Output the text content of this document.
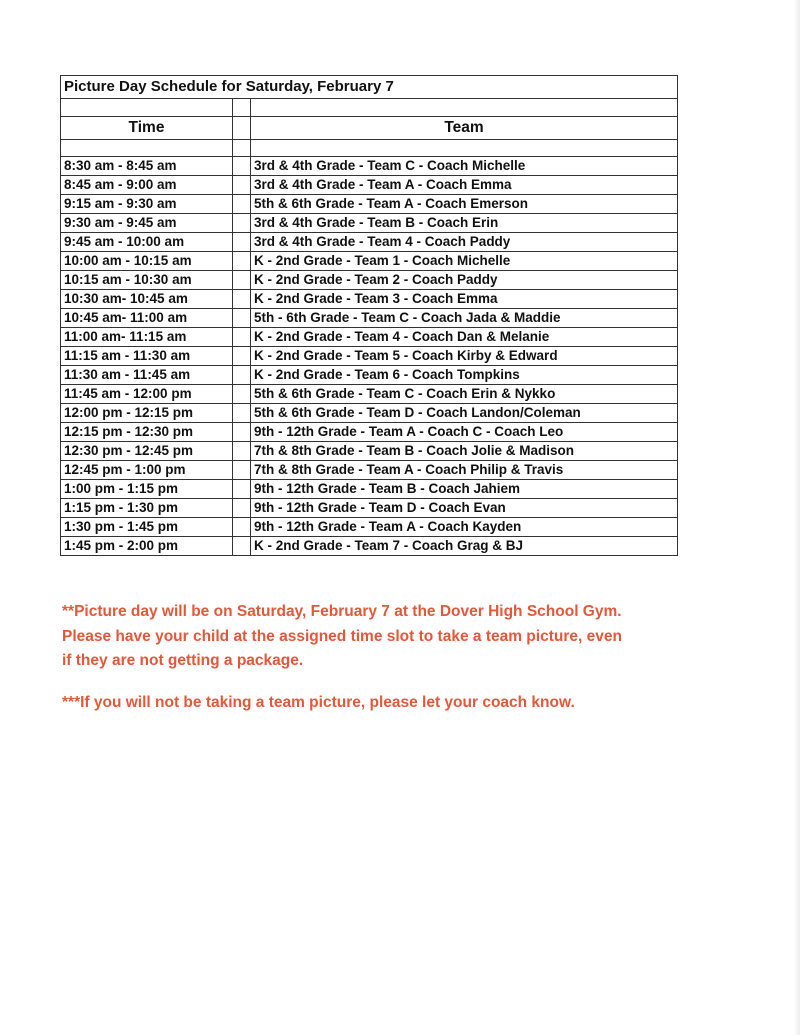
Picture Day Schedule for Saturday, February 7		

Time		Team

8:30 am - 8:45 am		3rd & 4th Grade - Team C - Coach Michelle
8:45 am - 9:00 am		3rd & 4th Grade - Team A - Coach Emma
9:15 am - 9:30 am		5th & 6th Grade - Team A - Coach Emerson
9:30 am - 9:45 am		3rd & 4th Grade - Team B - Coach Erin
9:45 am - 10:00 am		3rd & 4th Grade - Team 4 - Coach Paddy
10:00 am - 10:15 am		K - 2nd Grade - Team 1 - Coach Michelle
10:15 am - 10:30 am		K - 2nd Grade - Team 2 - Coach Paddy
10:30 am- 10:45 am		K - 2nd Grade - Team 3 - Coach Emma
10:45 am- 11:00 am		5th - 6th Grade - Team C - Coach Jada & Maddie
11:00 am- 11:15 am		K - 2nd Grade - Team 4 - Coach Dan & Melanie
11:15 am - 11:30 am		K - 2nd Grade - Team 5 - Coach Kirby & Edward
11:30 am - 11:45 am		K - 2nd Grade - Team 6 - Coach Tompkins
11:45 am - 12:00 pm		5th & 6th Grade - Team C - Coach Erin & Nykko
12:00 pm - 12:15 pm		5th & 6th Grade - Team D - Coach Landon/Coleman
12:15 pm - 12:30 pm		9th - 12th Grade - Team A - Coach C - Coach Leo
12:30 pm - 12:45 pm		7th & 8th Grade - Team B - Coach Jolie & Madison
12:45 pm - 1:00 pm		7th & 8th Grade - Team A - Coach Philip & Travis
1:00 pm - 1:15 pm		9th - 12th Grade - Team B - Coach Jahiem
1:15 pm - 1:30 pm		9th - 12th Grade - Team D - Coach Evan
1:30 pm - 1:45 pm		9th - 12th Grade - Team A - Coach Kayden
1:45 pm - 2:00 pm		K - 2nd Grade - Team 7 - Coach Grag & BJ

**Picture day will be on Saturday, February 7 at the Dover High School Gym. Please have your child at the assigned time slot to take a team picture, even if they are not getting a package.

***If you will not be taking a team picture, please let your coach know.
